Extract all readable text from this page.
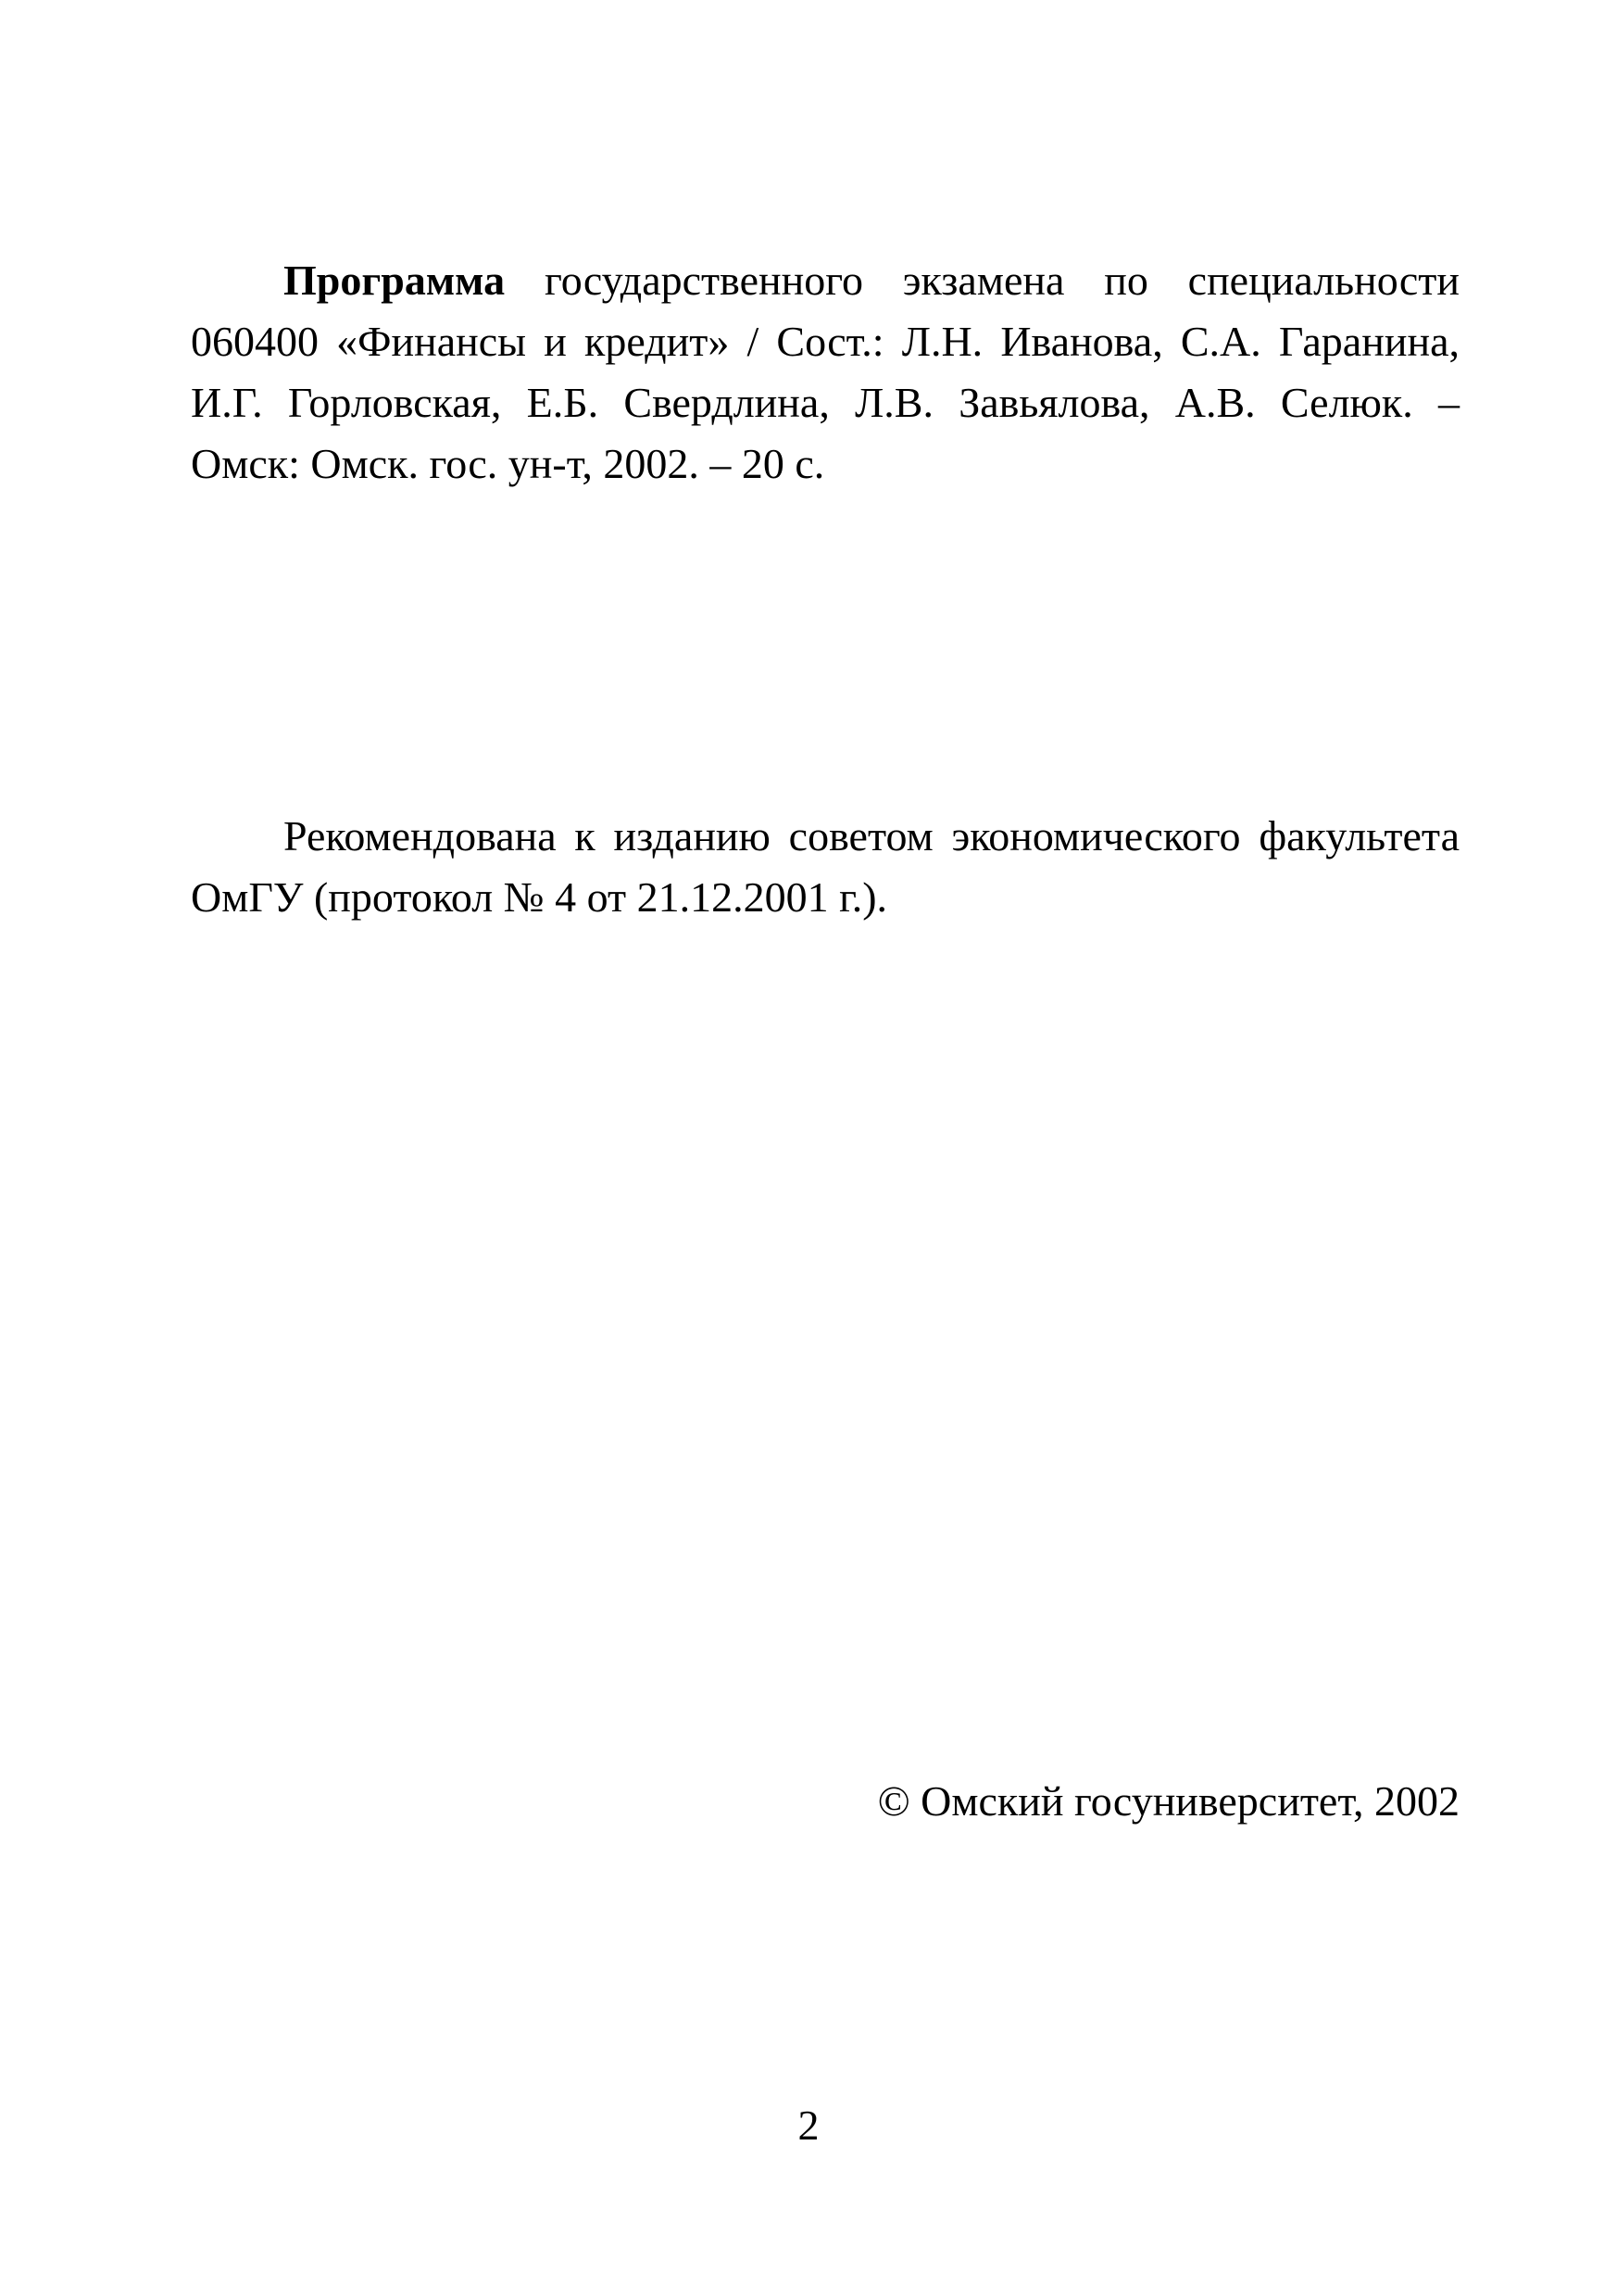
Программа государственного экзамена по специальности 060400 «Финансы и кредит» / Сост.: Л.Н. Иванова, С.А. Гаранина, И.Г. Горловская, Е.Б. Свердлина, Л.В. Завьялова, А.В. Селюк. – Омск: Омск. гос. ун-т, 2002. – 20 с.

Рекомендована к изданию советом экономического факультета ОмГУ (протокол № 4 от 21.12.2001 г.).

© Омский госуниверситет, 2002

2
